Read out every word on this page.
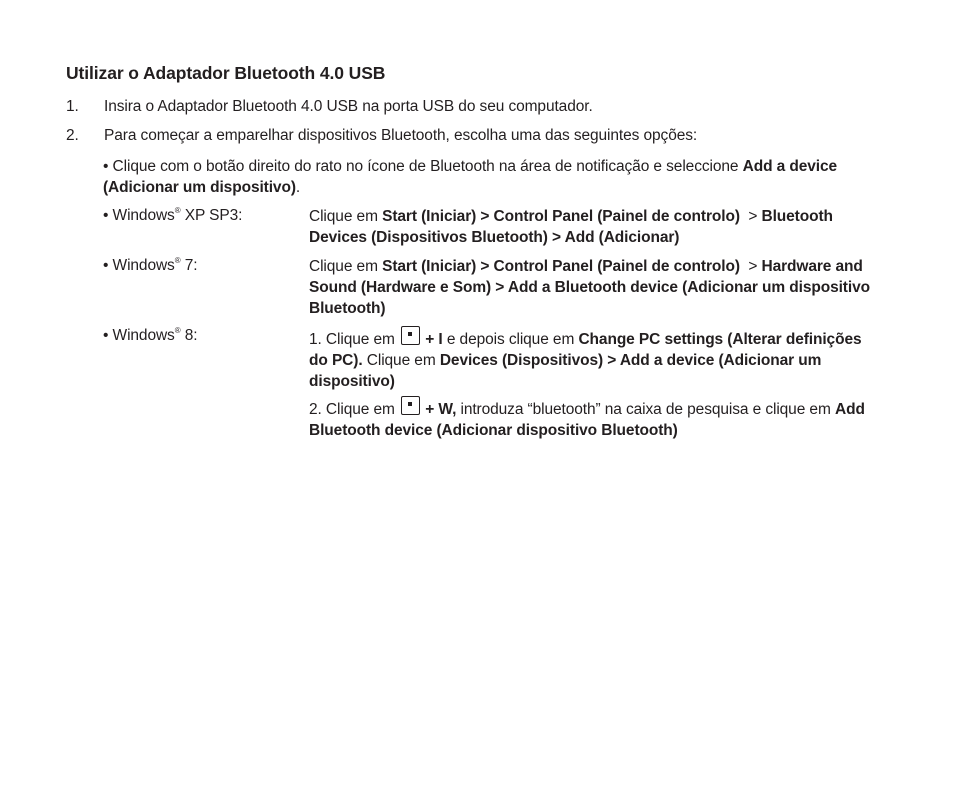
Utilizar o Adaptador Bluetooth 4.0 USB
1. Insira o Adaptador Bluetooth 4.0 USB na porta USB do seu computador.
2. Para começar a emparelhar dispositivos Bluetooth, escolha uma das seguintes opções:
• Clique com o botão direito do rato no ícone de Bluetooth na área de notificação e seleccione Add a device
(Adicionar um dispositivo).
• Windows® XP SP3:	Clique em Start (Iniciar) > Control Panel (Painel de controlo)  > Bluetooth
Devices (Dispositivos Bluetooth) > Add (Adicionar)
• Windows® 7:	Clique em Start (Iniciar) > Control Panel (Painel de controlo)  > Hardware and
Sound (Hardware e Som) > Add a Bluetooth device (Adicionar um dispositivo
Bluetooth)
• Windows® 8:	1. Clique em  + I e depois clique em Change PC settings (Alterar definições
do PC). Clique em Devices (Dispositivos) > Add a device (Adicionar um
dispositivo)
2. Clique em  + W, introduza “bluetooth” na caixa de pesquisa e clique em Add
Bluetooth device (Adicionar dispositivo Bluetooth)
